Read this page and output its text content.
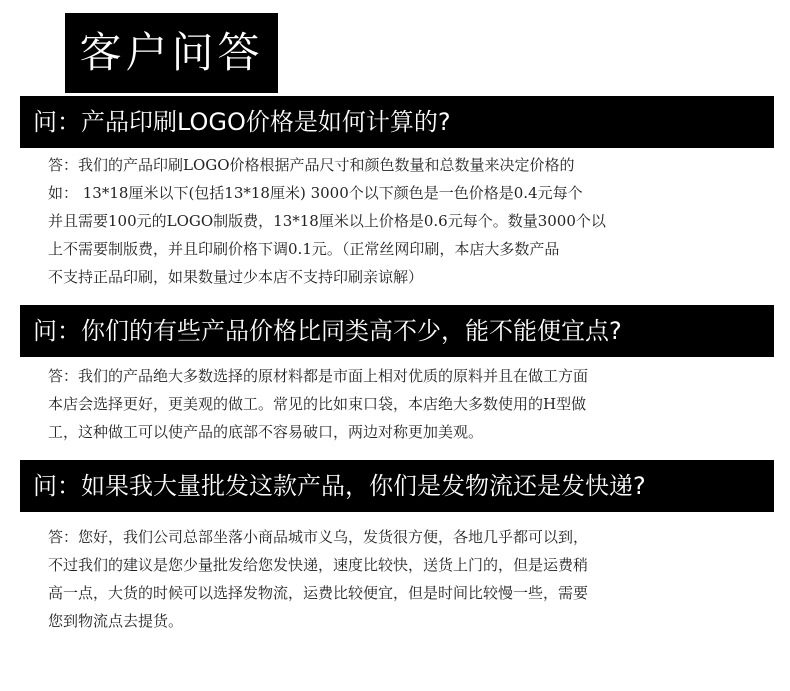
客户问答
问：产品印刷LOGO价格是如何计算的?
答：我们的产品印刷LOGO价格根据产品尺寸和颜色数量和总数量来决定价格的
如： 13*18厘米以下(包括13*18厘米) 3000个以下颜色是一色价格是0.4元每个
并且需要100元的LOGO制版费，13*18厘米以上价格是0.6元每个。数量3000个以
上不需要制版费，并且印刷价格下调0.1元。（正常丝网印刷，本店大多数产品
不支持正品印刷，如果数量过少本店不支持印刷亲谅解）
问：你们的有些产品价格比同类高不少，能不能便宜点?
答：我们的产品绝大多数选择的原材料都是市面上相对优质的原料并且在做工方面
本店会选择更好，更美观的做工。常见的比如束口袋，本店绝大多数使用的H型做
工，这种做工可以使产品的底部不容易破口，两边对称更加美观。
问：如果我大量批发这款产品，你们是发物流还是发快递?
答：您好，我们公司总部坐落小商品城市义乌，发货很方便，各地几乎都可以到，
不过我们的建议是您少量批发给您发快递，速度比较快，送货上门的，但是运费稍
高一点，大货的时候可以选择发物流，运费比较便宜，但是时间比较慢一些，需要
您到物流点去提货。
